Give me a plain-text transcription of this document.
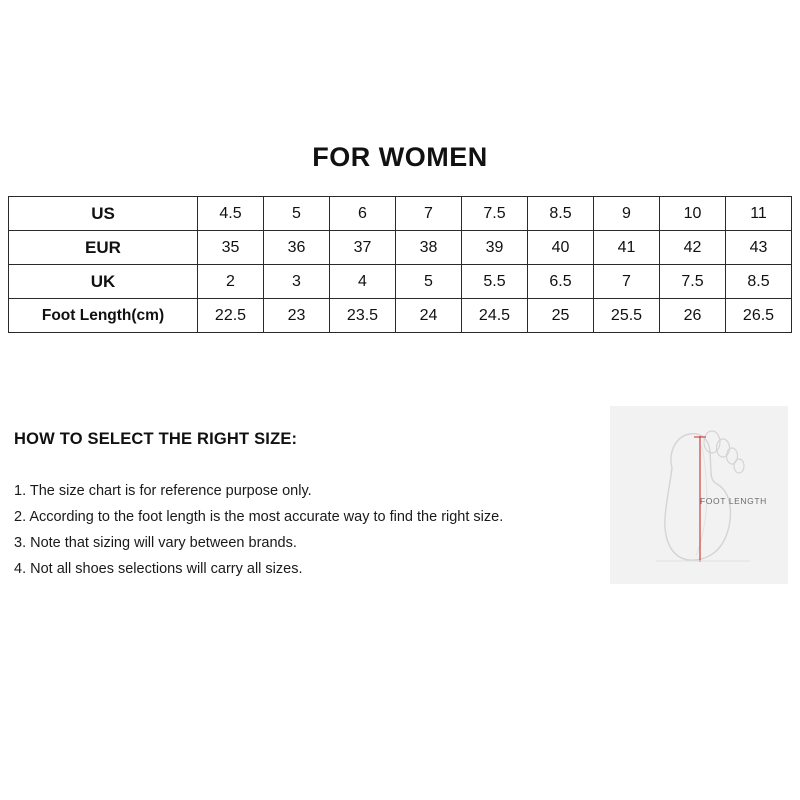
FOR WOMEN
US	4.5	5	6	7	7.5	8.5	9	10	11
EUR	35	36	37	38	39	40	41	42	43
UK	2	3	4	5	5.5	6.5	7	7.5	8.5
Foot Length(cm)	22.5	23	23.5	24	24.5	25	25.5	26	26.5
HOW TO SELECT THE RIGHT SIZE:
1. The size chart is for reference purpose only.
2. According to the foot length is the most accurate way to find the right size.
3. Note that sizing will vary between brands.
4. Not all shoes selections will carry all sizes.
FOOT LENGTH
